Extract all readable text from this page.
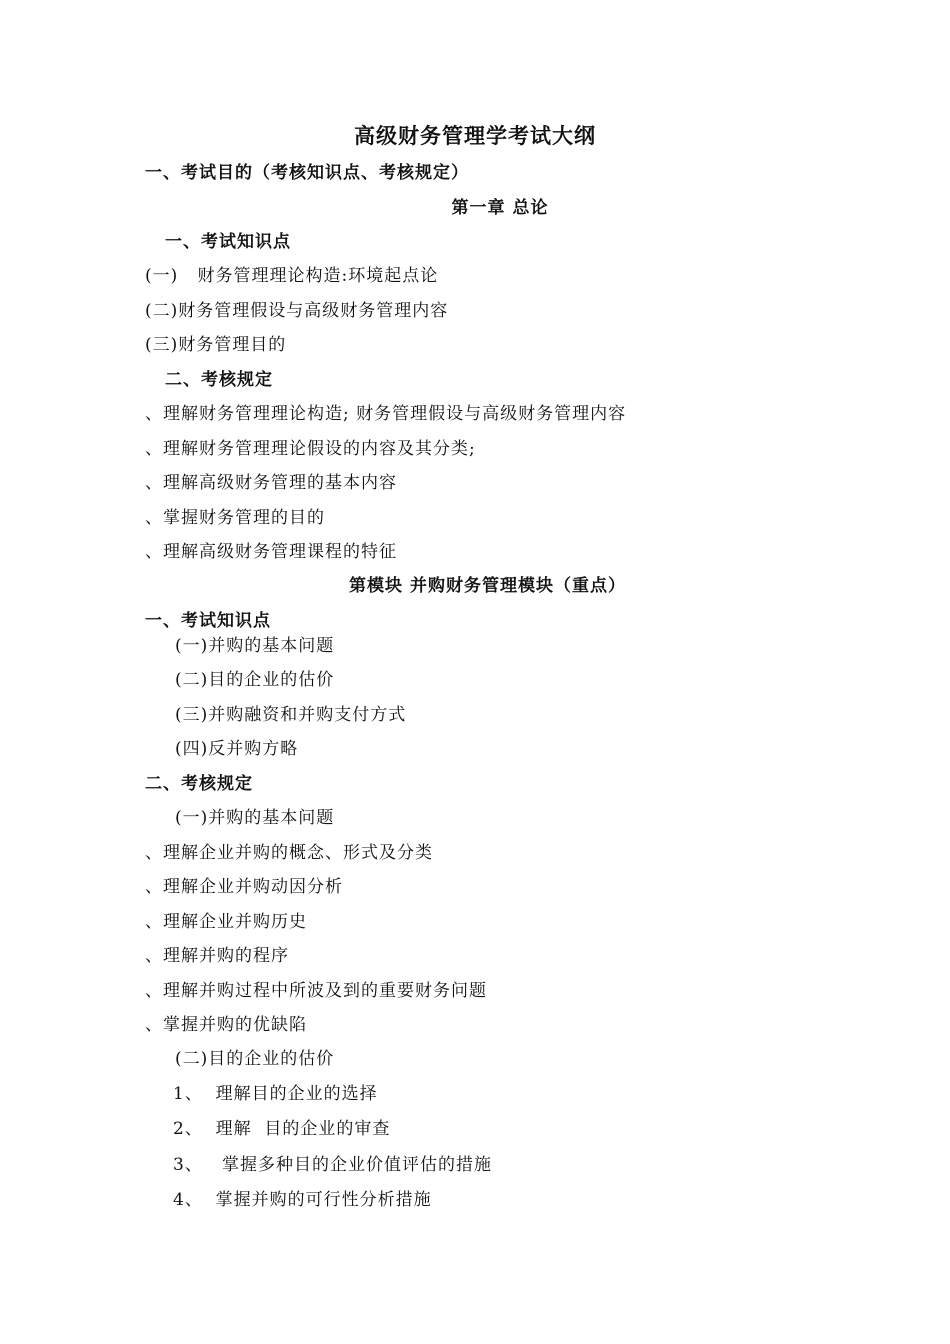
高级财务管理学考试大纲
一、考试目的（考核知识点、考核规定）
第一章 总论
一、考试知识点
(一)   财务管理理论构造:环境起点论
(二)财务管理假设与高级财务管理内容
(三)财务管理目的
二、考核规定
、理解财务管理理论构造; 财务管理假设与高级财务管理内容
、理解财务管理理论假设的内容及其分类;
、理解高级财务管理的基本内容
、掌握财务管理的目的
、理解高级财务管理课程的特征
第模块 并购财务管理模块（重点）
一、考试知识点
(一)并购的基本问题
(二)目的企业的估价
(三)并购融资和并购支付方式
(四)反并购方略
二、考核规定
(一)并购的基本问题
、理解企业并购的概念、形式及分类
、理解企业并购动因分析
、理解企业并购历史
、理解并购的程序
、理解并购过程中所波及到的重要财务问题
、掌握并购的优缺陷
(二)目的企业的估价
1、  理解目的企业的选择
2、  理解  目的企业的审查
3、   掌握多种目的企业价值评估的措施
4、  掌握并购的可行性分析措施
